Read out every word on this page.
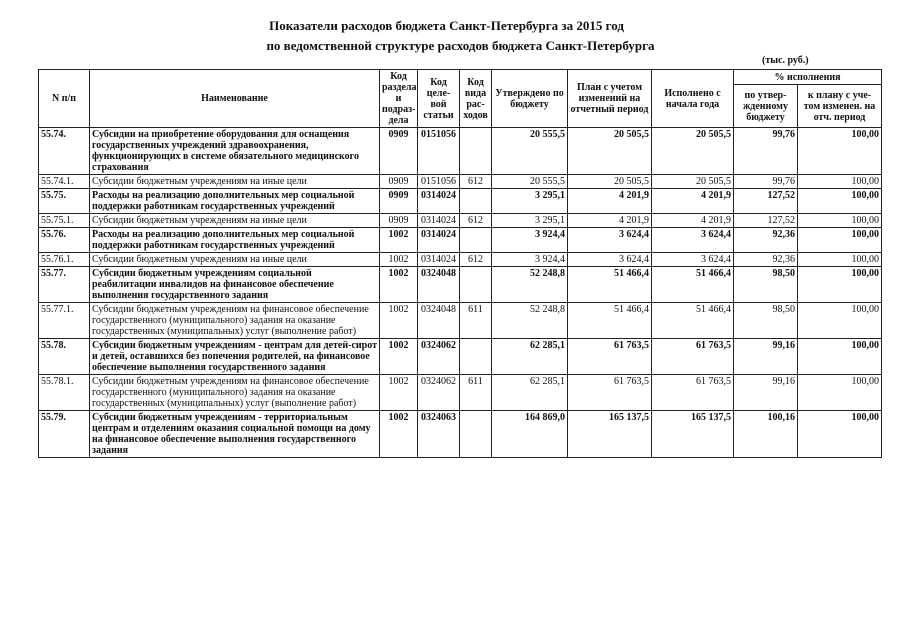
Показатели расходов бюджета Санкт-Петербурга за 2015 год
по ведомственной структуре расходов бюджета Санкт-Петербурга
(тыс. руб.)
N п/п	Наименование	Код раздела и подраз-дела	Код целе-вой статьи	Код вида рас-ходов	Утверждено по бюджету	План с учетом изменений на отчетный период	Исполнено с начала года	% исполнения	
								по утвер-жденному бюджету	к плану с уче-том изменен. на отч. период
55.74.	Субсидии на приобретение оборудования для оснащения государственных учреждений здравоохранения, функционирующих в системе обязательного медицинского страхования	0909	0151056		20 555,5	20 505,5	20 505,5	99,76	100,00
55.74.1.	Субсидии бюджетным учреждениям на иные цели	0909	0151056	612	20 555,5	20 505,5	20 505,5	99,76	100,00
55.75.	Расходы на реализацию дополнительных мер социальной поддержки работникам государственных учреждений	0909	0314024		3 295,1	4 201,9	4 201,9	127,52	100,00
55.75.1.	Субсидии бюджетным учреждениям на иные цели	0909	0314024	612	3 295,1	4 201,9	4 201,9	127,52	100,00
55.76.	Расходы на реализацию дополнительных мер социальной поддержки работникам государственных учреждений	1002	0314024		3 924,4	3 624,4	3 624,4	92,36	100,00
55.76.1.	Субсидии бюджетным учреждениям на иные цели	1002	0314024	612	3 924,4	3 624,4	3 624,4	92,36	100,00
55.77.	Субсидии бюджетным учреждениям социальной реабилитации инвалидов на финансовое обеспечение выполнения государственного задания	1002	0324048		52 248,8	51 466,4	51 466,4	98,50	100,00
55.77.1.	Субсидии бюджетным учреждениям на финансовое обеспечение государственного (муниципального) задания на оказание государственных (муниципальных) услуг (выполнение работ)	1002	0324048	611	52 248,8	51 466,4	51 466,4	98,50	100,00
55.78.	Субсидии бюджетным учреждениям - центрам для детей-сирот и детей, оставшихся без попечения родителей, на финансовое обеспечение выполнения государственного задания	1002	0324062		62 285,1	61 763,5	61 763,5	99,16	100,00
55.78.1.	Субсидии бюджетным учреждениям на финансовое обеспечение государственного (муниципального) задания на оказание государственных (муниципальных) услуг (выполнение работ)	1002	0324062	611	62 285,1	61 763,5	61 763,5	99,16	100,00
55.79.	Субсидии бюджетным учреждениям - территориальным центрам и отделениям оказания социальной помощи на дому на финансовое обеспечение выполнения государственного задания	1002	0324063		164 869,0	165 137,5	165 137,5	100,16	100,00
